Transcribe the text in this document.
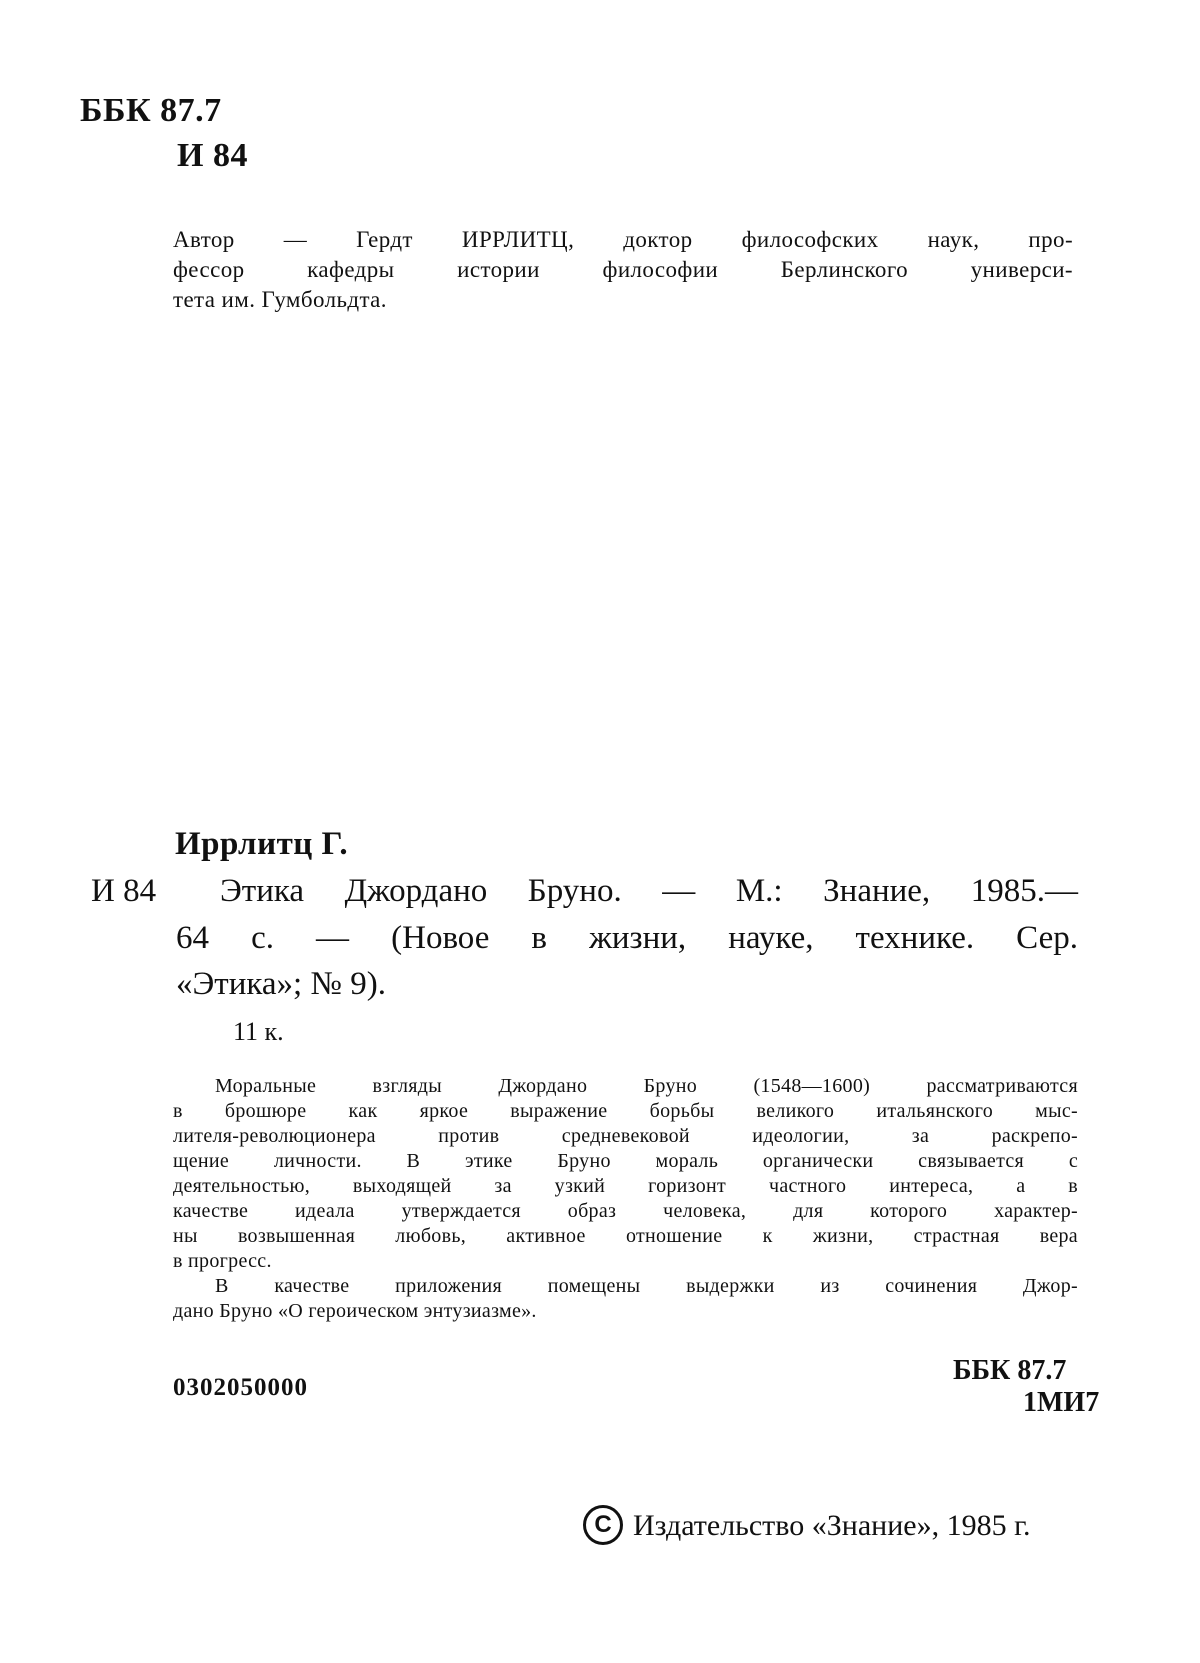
ББК 87.7
И 84
Автор — Гердт ИРРЛИТЦ, доктор философских наук, про-
фессор кафедры истории философии Берлинского универси-
тета им. Гумбольдта.
Иррлитц Г.
И 84 Этика Джордано Бруно. — М.: Знание, 1985.—
64 с. — (Новое в жизни, науке, технике. Сер.
«Этика»; № 9).
11 к.
Моральные взгляды Джордано Бруно (1548—1600) рассматриваются
в брошюре как яркое выражение борьбы великого итальянского мыс-
лителя-революционера против средневековой идеологии, за раскрепо-
щение личности. В этике Бруно мораль органически связывается с
деятельностью, выходящей за узкий горизонт частного интереса, а в
качестве идеала утверждается образ человека, для которого характер-
ны возвышенная любовь, активное отношение к жизни, страстная вера
в прогресс.
В качестве приложения помещены выдержки из сочинения Джор-
дано Бруно «О героическом энтузиазме».
0302050000
ББК 87.7
1МИ7
C Издательство «Знание», 1985 г.
